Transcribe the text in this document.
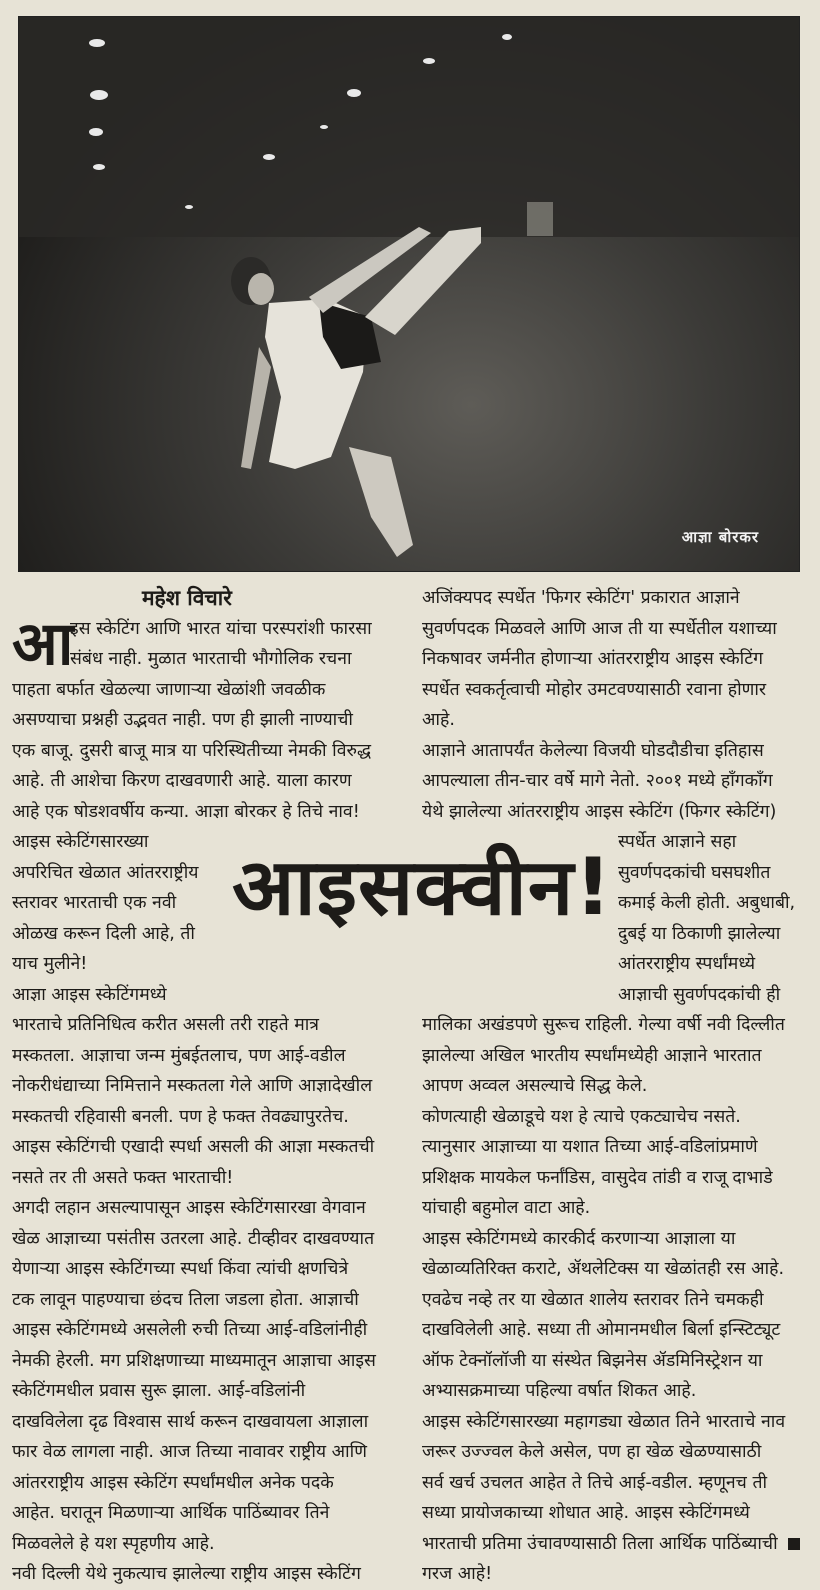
आज्ञा बोरकर
आ
महेश विचारे
इस स्केटिंग आणि भारत यांचा परस्परांशी फारसा
संबंध नाही. मुळात भारताची भौगोलिक रचना
पाहता बर्फात खेळल्या जाणाऱ्या खेळांशी जवळीक
असण्याचा प्रश्नही उद्भवत नाही. पण ही झाली नाण्याची
एक बाजू. दुसरी बाजू मात्र या परिस्थितीच्या नेमकी विरुद्ध
आहे. ती आशेचा किरण दाखवणारी आहे. याला कारण
आहे एक षोडशवर्षीय कन्या. आज्ञा बोरकर हे तिचे नाव!
आइस स्केटिंगसारख्या
अपरिचित खेळात आंतरराष्ट्रीय
स्तरावर भारताची एक नवी
ओळख करून दिली आहे, ती
याच मुलीने!
आज्ञा आइस स्केटिंगमध्ये
भारताचे प्रतिनिधित्व करीत असली तरी राहते मात्र
मस्कतला. आज्ञाचा जन्म मुंबईतलाच, पण आई-वडील
नोकरीधंद्याच्या निमित्ताने मस्कतला गेले आणि आज्ञादेखील
मस्कतची रहिवासी बनली. पण हे फक्त तेवढ्यापुरतेच.
आइस स्केटिंगची एखादी स्पर्धा असली की आज्ञा मस्कतची
नसते तर ती असते फक्त भारताची!
अगदी लहान असल्यापासून आइस स्केटिंगसारखा वेगवान
खेळ आज्ञाच्या पसंतीस उतरला आहे. टीव्हीवर दाखवण्यात
येणाऱ्या आइस स्केटिंगच्या स्पर्धा किंवा त्यांची क्षणचित्रे
टक लावून पाहण्याचा छंदच तिला जडला होता. आज्ञाची
आइस स्केटिंगमध्ये असलेली रुची तिच्या आई-वडिलांनीही
नेमकी हेरली. मग प्रशिक्षणाच्या माध्यमातून आज्ञाचा आइस
स्केटिंगमधील प्रवास सुरू झाला. आई-वडिलांनी
दाखविलेला दृढ विश्वास सार्थ करून दाखवायला आज्ञाला
फार वेळ लागला नाही. आज तिच्या नावावर राष्ट्रीय आणि
आंतरराष्ट्रीय आइस स्केटिंग स्पर्धांमधील अनेक पदके
आहेत. घरातून मिळणाऱ्या आर्थिक पाठिंब्यावर तिने
मिळवलेले हे यश स्पृहणीय आहे.
नवी दिल्ली येथे नुकत्याच झालेल्या राष्ट्रीय आइस स्केटिंग
अजिंक्यपद स्पर्धेत 'फिगर स्केटिंग' प्रकारात आज्ञाने
सुवर्णपदक मिळवले आणि आज ती या स्पर्धेतील यशाच्या
निकषावर जर्मनीत होणाऱ्या आंतरराष्ट्रीय आइस स्केटिंग
स्पर्धेत स्वकर्तृत्वाची मोहोर उमटवण्यासाठी रवाना होणार
आहे.
आज्ञाने आतापर्यंत केलेल्या विजयी घोडदौडीचा इतिहास
आपल्याला तीन-चार वर्षे मागे नेतो. २००१ मध्ये हाँगकाँग
येथे झालेल्या आंतरराष्ट्रीय आइस स्केटिंग (फिगर स्केटिंग)
स्पर्धेत आज्ञाने सहा
सुवर्णपदकांची घसघशीत
कमाई केली होती. अबुधाबी,
दुबई या ठिकाणी झालेल्या
आंतरराष्ट्रीय स्पर्धांमध्ये
आज्ञाची सुवर्णपदकांची ही
मालिका अखंडपणे सुरूच राहिली. गेल्या वर्षी नवी दिल्लीत
झालेल्या अखिल भारतीय स्पर्धांमध्येही आज्ञाने भारतात
आपण अव्वल असल्याचे सिद्ध केले.
कोणत्याही खेळाडूचे यश हे त्याचे एकट्याचेच नसते.
त्यानुसार आज्ञाच्या या यशात तिच्या आई-वडिलांप्रमाणे
प्रशिक्षक मायकेल फर्नांडिस, वासुदेव तांडी व राजू दाभाडे
यांचाही बहुमोल वाटा आहे.
आइस स्केटिंगमध्ये कारकीर्द करणाऱ्या आज्ञाला या
खेळाव्यतिरिक्त कराटे, ॲथलेटिक्स या खेळांतही रस आहे.
एवढेच नव्हे तर या खेळात शालेय स्तरावर तिने चमकही
दाखविलेली आहे. सध्या ती ओमानमधील बिर्ला इन्स्टिट्यूट
ऑफ टेक्नॉलॉजी या संस्थेत बिझनेस ॲडमिनिस्ट्रेशन या
अभ्यासक्रमाच्या पहिल्या वर्षात शिकत आहे.
आइस स्केटिंगसारख्या महागड्या खेळात तिने भारताचे नाव
जरूर उज्ज्वल केले असेल, पण हा खेळ खेळण्यासाठी
सर्व खर्च उचलत आहेत ते तिचे आई-वडील. म्हणूनच ती
सध्या प्रायोजकाच्या शोधात आहे. आइस स्केटिंगमध्ये
भारताची प्रतिमा उंचावण्यासाठी तिला आर्थिक पाठिंब्याची
गरज आहे!
आइसक्वीन!
